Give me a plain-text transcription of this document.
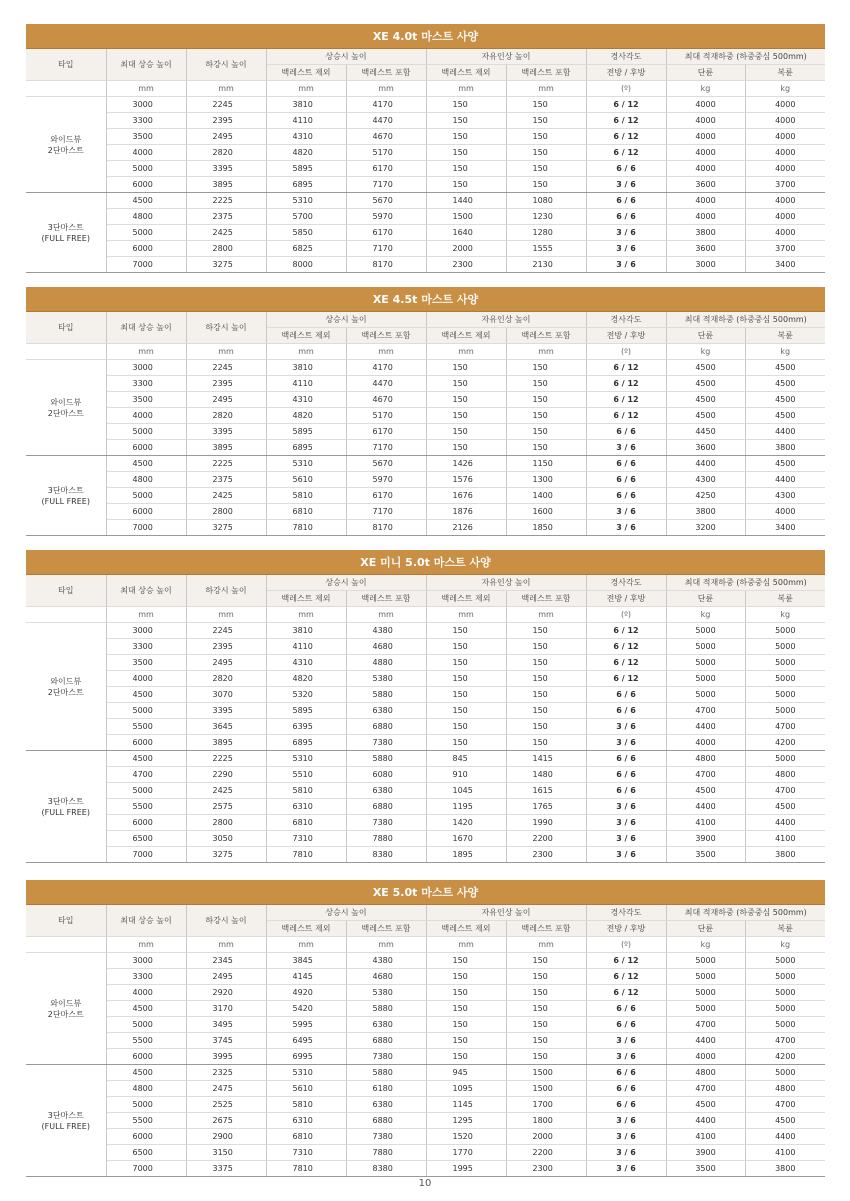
XE 4.0t 마스트 사양
타입	최대 상승 높이	하강시 높이	상승시 높이		자유인상 높이		경사각도	최대 적재하중 (하중중심 500mm)	
			백레스트 제외	백레스트 포함	백레스트 제외	백레스트 포함	전방 / 후방	단륜	복륜
	mm	mm	mm	mm	mm	mm	(º)	kg	kg
와이드뷰
2단마스트	3000	2245	3810	4170	150	150	6 / 12	4000	4000
	3300	2395	4110	4470	150	150	6 / 12	4000	4000
	3500	2495	4310	4670	150	150	6 / 12	4000	4000
	4000	2820	4820	5170	150	150	6 / 12	4000	4000
	5000	3395	5895	6170	150	150	6 / 6	4000	4000
	6000	3895	6895	7170	150	150	3 / 6	3600	3700
3단마스트
(FULL FREE)	4500	2225	5310	5670	1440	1080	6 / 6	4000	4000
	4800	2375	5700	5970	1500	1230	6 / 6	4000	4000
	5000	2425	5850	6170	1640	1280	3 / 6	3800	4000
	6000	2800	6825	7170	2000	1555	3 / 6	3600	3700
	7000	3275	8000	8170	2300	2130	3 / 6	3000	3400
XE 4.5t 마스트 사양
타입	최대 상승 높이	하강시 높이	상승시 높이		자유인상 높이		경사각도	최대 적재하중 (하중중심 500mm)	
			백레스트 제외	백레스트 포함	백레스트 제외	백레스트 포함	전방 / 후방	단륜	복륜
	mm	mm	mm	mm	mm	mm	(º)	kg	kg
와이드뷰
2단마스트	3000	2245	3810	4170	150	150	6 / 12	4500	4500
	3300	2395	4110	4470	150	150	6 / 12	4500	4500
	3500	2495	4310	4670	150	150	6 / 12	4500	4500
	4000	2820	4820	5170	150	150	6 / 12	4500	4500
	5000	3395	5895	6170	150	150	6 / 6	4450	4400
	6000	3895	6895	7170	150	150	3 / 6	3600	3800
3단마스트
(FULL FREE)	4500	2225	5310	5670	1426	1150	6 / 6	4400	4500
	4800	2375	5610	5970	1576	1300	6 / 6	4300	4400
	5000	2425	5810	6170	1676	1400	6 / 6	4250	4300
	6000	2800	6810	7170	1876	1600	3 / 6	3800	4000
	7000	3275	7810	8170	2126	1850	3 / 6	3200	3400
XE 미니 5.0t 마스트 사양
타입	최대 상승 높이	하강시 높이	상승시 높이		자유인상 높이		경사각도	최대 적재하중 (하중중심 500mm)	
			백레스트 제외	백레스트 포함	백레스트 제외	백레스트 포함	전방 / 후방	단륜	복륜
	mm	mm	mm	mm	mm	mm	(º)	kg	kg
와이드뷰
2단마스트	3000	2245	3810	4380	150	150	6 / 12	5000	5000
	3300	2395	4110	4680	150	150	6 / 12	5000	5000
	3500	2495	4310	4880	150	150	6 / 12	5000	5000
	4000	2820	4820	5380	150	150	6 / 12	5000	5000
	4500	3070	5320	5880	150	150	6 / 6	5000	5000
	5000	3395	5895	6380	150	150	6 / 6	4700	5000
	5500	3645	6395	6880	150	150	3 / 6	4400	4700
	6000	3895	6895	7380	150	150	3 / 6	4000	4200
3단마스트
(FULL FREE)	4500	2225	5310	5880	845	1415	6 / 6	4800	5000
	4700	2290	5510	6080	910	1480	6 / 6	4700	4800
	5000	2425	5810	6380	1045	1615	6 / 6	4500	4700
	5500	2575	6310	6880	1195	1765	3 / 6	4400	4500
	6000	2800	6810	7380	1420	1990	3 / 6	4100	4400
	6500	3050	7310	7880	1670	2200	3 / 6	3900	4100
	7000	3275	7810	8380	1895	2300	3 / 6	3500	3800
XE 5.0t 마스트 사양
타입	최대 상승 높이	하강시 높이	상승시 높이		자유인상 높이		경사각도	최대 적재하중 (하중중심 500mm)	
			백레스트 제외	백레스트 포함	백레스트 제외	백레스트 포함	전방 / 후방	단륜	복륜
	mm	mm	mm	mm	mm	mm	(º)	kg	kg
와이드뷰
2단마스트	3000	2345	3845	4380	150	150	6 / 12	5000	5000
	3300	2495	4145	4680	150	150	6 / 12	5000	5000
	4000	2920	4920	5380	150	150	6 / 12	5000	5000
	4500	3170	5420	5880	150	150	6 / 6	5000	5000
	5000	3495	5995	6380	150	150	6 / 6	4700	5000
	5500	3745	6495	6880	150	150	3 / 6	4400	4700
	6000	3995	6995	7380	150	150	3 / 6	4000	4200
3단마스트
(FULL FREE)	4500	2325	5310	5880	945	1500	6 / 6	4800	5000
	4800	2475	5610	6180	1095	1500	6 / 6	4700	4800
	5000	2525	5810	6380	1145	1700	6 / 6	4500	4700
	5500	2675	6310	6880	1295	1800	3 / 6	4400	4500
	6000	2900	6810	7380	1520	2000	3 / 6	4100	4400
	6500	3150	7310	7880	1770	2200	3 / 6	3900	4100
	7000	3375	7810	8380	1995	2300	3 / 6	3500	3800
10
